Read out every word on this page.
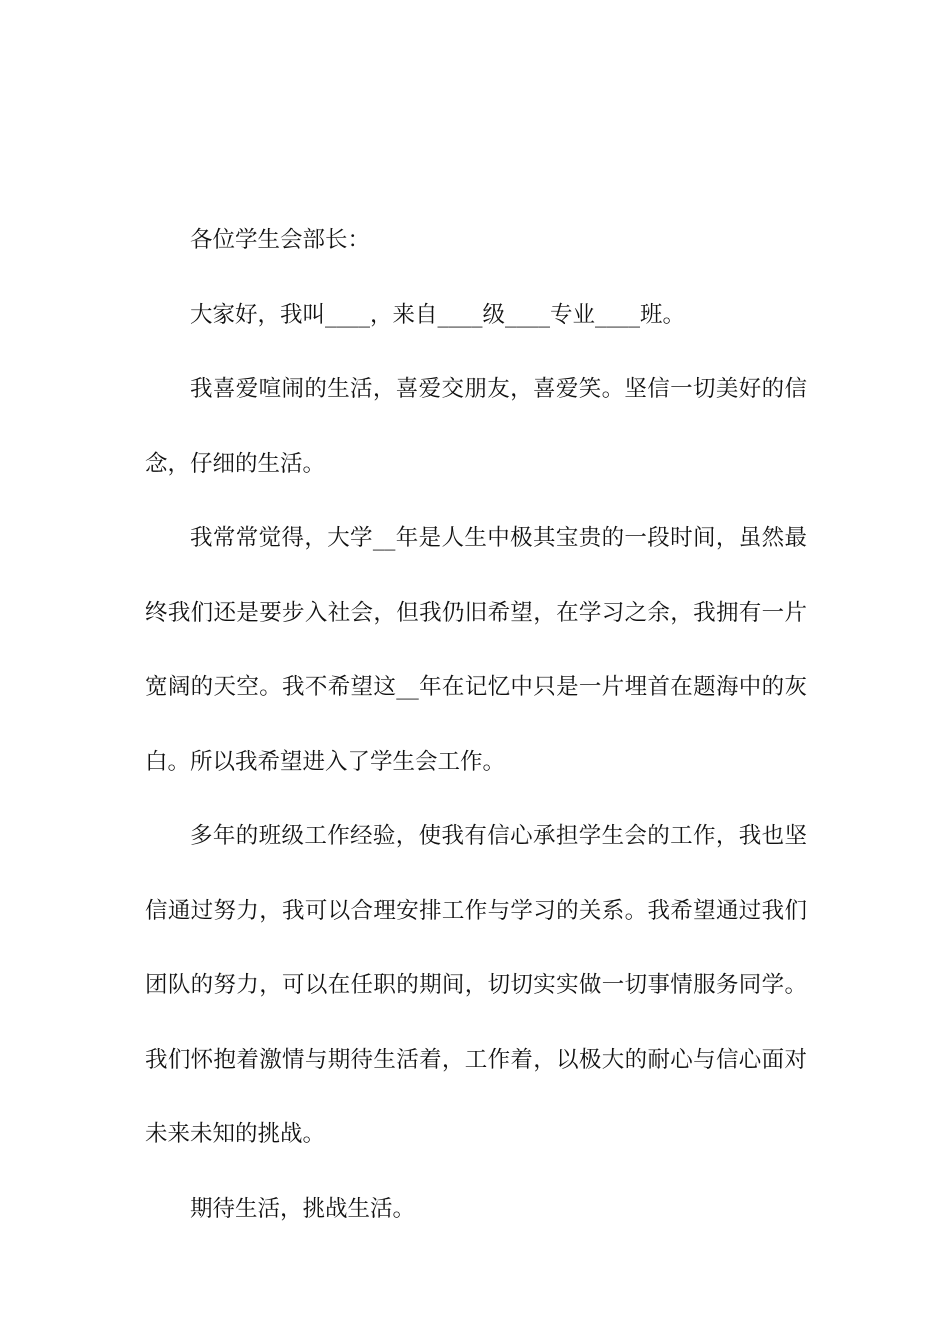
各位学生会部长：

大家好，我叫____，来自____级____专业____班。

我喜爱喧闹的生活，喜爱交朋友，喜爱笑。坚信一切美好的信念，仔细的生活。

我常常觉得，大学__年是人生中极其宝贵的一段时间，虽然最终我们还是要步入社会，但我仍旧希望，在学习之余，我拥有一片宽阔的天空。我不希望这__年在记忆中只是一片埋首在题海中的灰白。所以我希望进入了学生会工作。

多年的班级工作经验，使我有信心承担学生会的工作，我也坚信通过努力，我可以合理安排工作与学习的关系。我希望通过我们团队的努力，可以在任职的期间，切切实实做一切事情服务同学。我们怀抱着激情与期待生活着，工作着，以极大的耐心与信心面对未来未知的挑战。

期待生活，挑战生活。
